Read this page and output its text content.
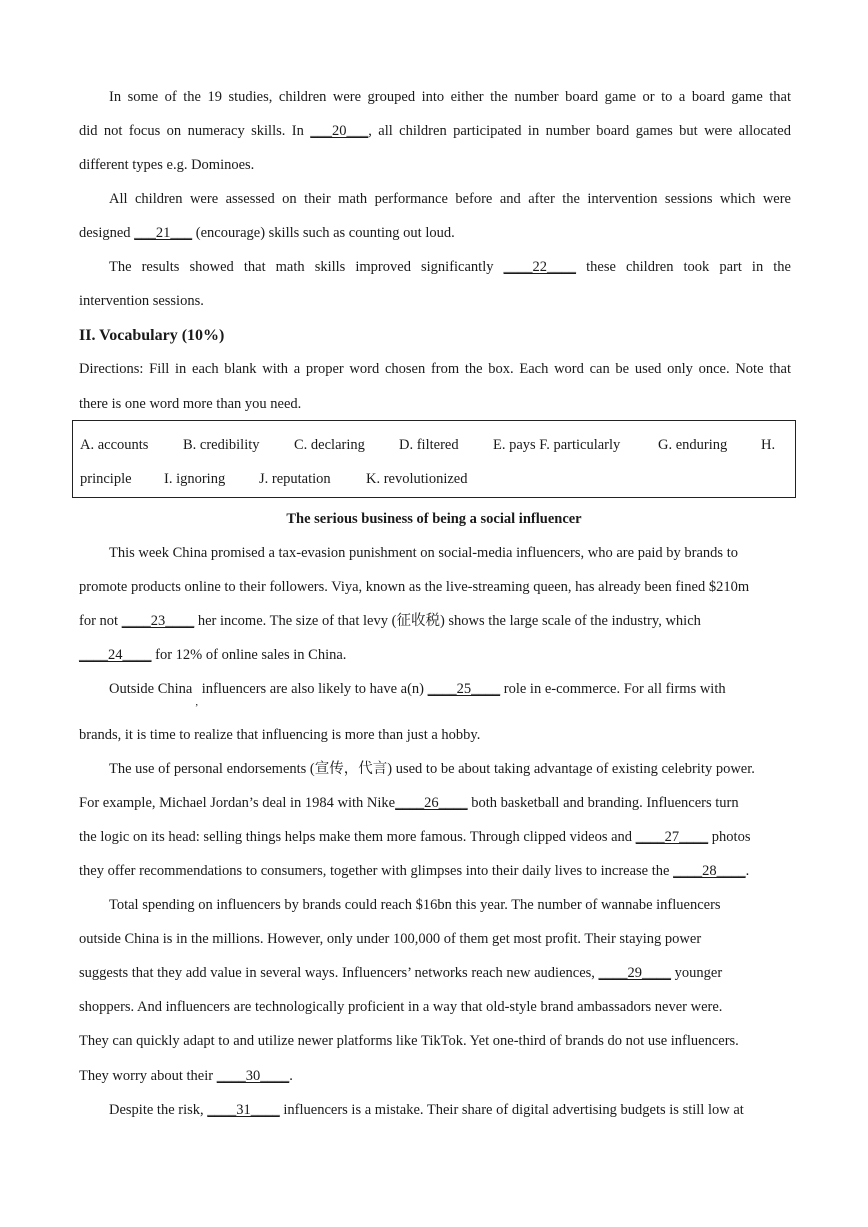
In some of the 19 studies, children were grouped into either the number board game or to a board game that
did not focus on numeracy skills. In ___20___, all children participated in number board games but were allocated
different types e.g. Dominoes.
All children were assessed on their math performance before and after the intervention sessions which were
designed ___21___ (encourage) skills such as counting out loud.
The results showed that math skills improved significantly ____22____ these children took part in the
intervention sessions.
II. Vocabulary (10%)
Directions: Fill in each blank with a proper word chosen from the box. Each word can be used only once. Note that
there is one word more than you need.
A. accounts B. credibility C. declaring D. filtered E. pays F. particularly	G. enduring H.
principle I. ignoring J. reputation K. revolutionized
The serious business of being a social influencer
This week China promised a tax-evasion punishment on social-media influencers, who are paid by brands to
promote products online to their followers. Viya, known as the live-streaming queen, has already been fined $210m
for not ____23____ her income. The size of that levy (征收税) shows the large scale of the industry, which
____24____ for 12% of online sales in China.
Outside China$_,$ influencers are also likely to have a(n) ____25____ role in e-commerce. For all firms with
brands, it is time to realize that influencing is more than just a hobby.
The use of personal endorsements (宣传，代言) used to be about taking advantage of existing celebrity power.
For example, Michael Jordan’s deal in 1984 with Nike____26____ both basketball and branding. Influencers turn
the logic on its head: selling things helps make them more famous. Through clipped videos and ____27____ photos
they offer recommendations to consumers, together with glimpses into their daily lives to increase the ____28____.
Total spending on influencers by brands could reach $16bn this year. The number of wannabe influencers
outside China is in the millions. However, only under 100,000 of them get most profit. Their staying power
suggests that they add value in several ways. Influencers’ networks reach new audiences, ____29____ younger
shoppers. And influencers are technologically proficient in a way that old-style brand ambassadors never were.
They can quickly adapt to and utilize newer platforms like TikTok. Yet one-third of brands do not use influencers.
They worry about their ____30____.
Despite the risk, ____31____ influencers is a mistake. Their share of digital advertising budgets is still low at
